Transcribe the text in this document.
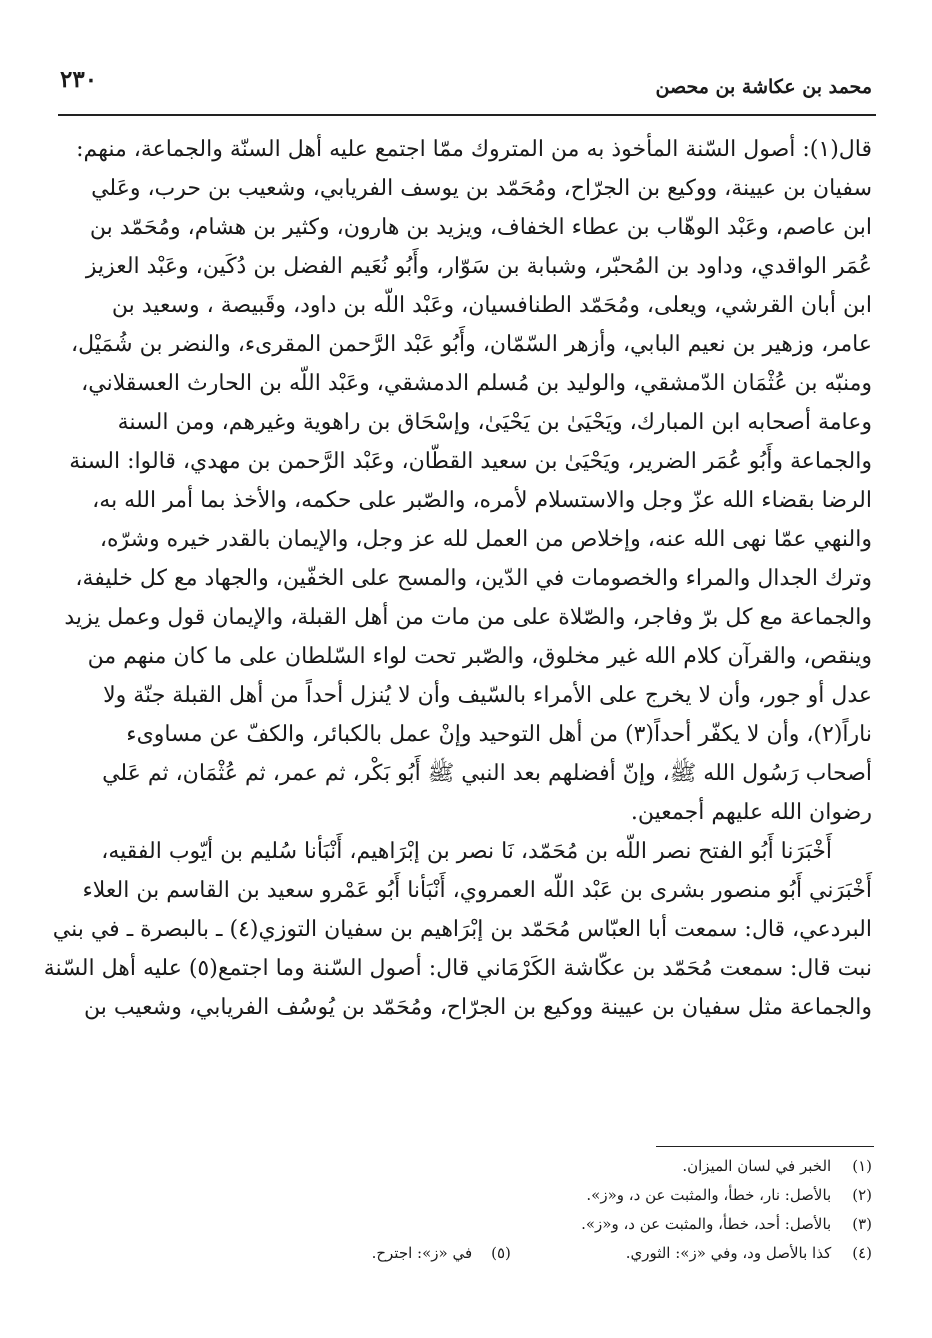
محمد بن عكاشة بن محصن
٢٣٠
قال(١): أصول السّنة المأخوذ به من المتروك ممّا اجتمع عليه أهل السنّة والجماعة، منهم:
سفيان بن عيينة، ووكيع بن الجرّاح، ومُحَمّد بن يوسف الفريابي، وشعيب بن حرب، وعَلي
ابن عاصم، وعَبْد الوهّاب بن عطاء الخفاف، ويزيد بن هارون، وكثير بن هشام، ومُحَمّد بن
عُمَر الواقدي، وداود بن المُحبّر، وشبابة بن سَوّار، وأَبُو نُعَيم الفضل بن دُكَين، وعَبْد العزيز
ابن أبان القرشي، ويعلى، ومُحَمّد الطنافسيان، وعَبْد اللّه بن داود، وقَبيصة ، وسعيد بن
عامر، وزهير بن نعيم البابي، وأزهر السّمّان، وأَبُو عَبْد الرَّحمن المقرىء، والنضر بن شُمَيْل،
ومنبّه بن عُثْمَان الدّمشقي، والوليد بن مُسلم الدمشقي، وعَبْد اللّه بن الحارث العسقلاني،
وعامة أصحابه ابن المبارك، ويَحْيَىٰ بن يَحْيَىٰ، وإسْحَاق بن راهوية وغيرهم، ومن السنة
والجماعة وأَبُو عُمَر الضرير، ويَحْيَىٰ بن سعيد القطّان، وعَبْد الرَّحمن بن مهدي، قالوا: السنة
الرضا بقضاء الله عزّ وجل والاستسلام لأمره، والصّبر على حكمه، والأخذ بما أمر الله به،
والنهي عمّا نهى الله عنه، وإخلاص من العمل لله عز وجل، والإيمان بالقدر خيره وشرّه،
وترك الجدال والمراء والخصومات في الدّين، والمسح على الخفّين، والجهاد مع كل خليفة،
والجماعة مع كل برّ وفاجر، والصّلاة على من مات من أهل القبلة، والإيمان قول وعمل يزيد
وينقص، والقرآن كلام الله غير مخلوق، والصّبر تحت لواء السّلطان على ما كان منهم من
عدل أو جور، وأن لا يخرج على الأمراء بالسّيف وأن لا يُنزل أحداً من أهل القبلة جنّة ولا
ناراً(٢)، وأن لا يكفّر أحداً(٣) من أهل التوحيد وإنْ عمل بالكبائر، والكفّ عن مساوىء
أصحاب رَسُول الله ﷺ، وإنّ أفضلهم بعد النبي ﷺ أَبُو بَكْر، ثم عمر، ثم عُثْمَان، ثم عَلي
رضوان الله عليهم أجمعين.
أَخْبَرَنا أَبُو الفتح نصر اللّه بن مُحَمّد، نَا نصر بن إبْرَاهيم، أَنْبَأنا سُليم بن أيّوب الفقيه،
أَخْبَرَني أَبُو منصور بشرى بن عَبْد اللّه العمروي، أَنْبَأنا أَبُو عَمْرو سعيد بن القاسم بن العلاء
البردعي، قال: سمعت أبا العبّاس مُحَمّد بن إبْرَاهيم بن سفيان التوزي(٤) ـ بالبصرة ـ في بني
نبت قال: سمعت مُحَمّد بن عكّاشة الكَرْمَاني قال: أصول السّنة وما اجتمع(٥) عليه أهل السّنة
والجماعة مثل سفيان بن عيينة ووكيع بن الجرّاح، ومُحَمّد بن يُوسُف الفريابي، وشعيب بن
(١) الخبر في لسان الميزان.
(٢) بالأصل: نار، خطأ، والمثبت عن د، و«ز».
(٣) بالأصل: أحد، خطأ، والمثبت عن د، و«ز».
(٤) كذا بالأصل ود، وفي «ز»: الثوري. (٥) في «ز»: اجترح.
